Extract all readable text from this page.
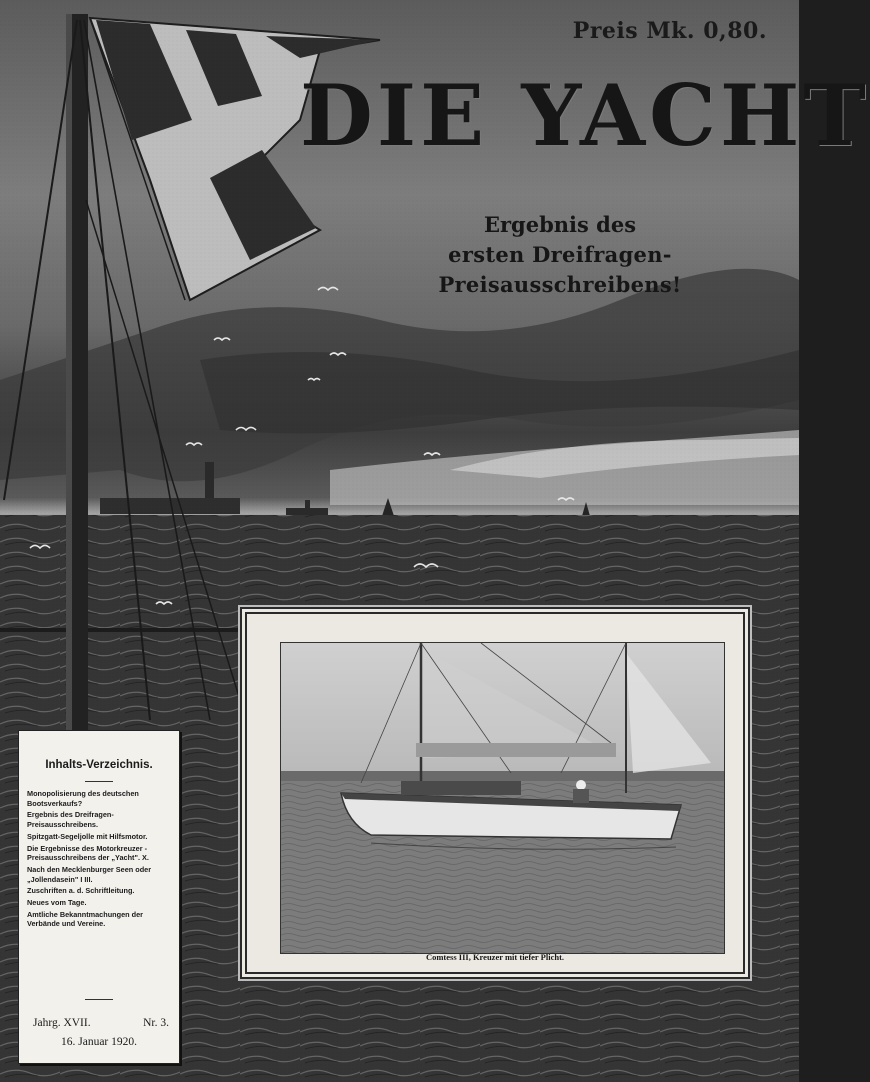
Preis Mk. 0,80.
DIE YACHT
Ergebnis des
ersten Dreifragen-Preisausschreibens!
Inhalts-Verzeichnis.
Monopolisierung des deutschen Bootsverkaufs?
Ergebnis des Dreifragen-Preisausschreibens.
Spitzgatt-Segeljolle mit Hilfsmotor.
Die Ergebnisse des Motorkreuzer - Preisausschreibens der „Yacht". X.
Nach den Mecklenburger Seen oder „Jollendasein" I III.
Zuschriften a. d. Schriftleitung.
Neues vom Tage.
Amtliche Bekanntmachungen der Verbände und Vereine.
Jahrg. XVII.	Nr. 3.
16. Januar 1920.
Comtess III, Kreuzer mit tiefer Plicht.
